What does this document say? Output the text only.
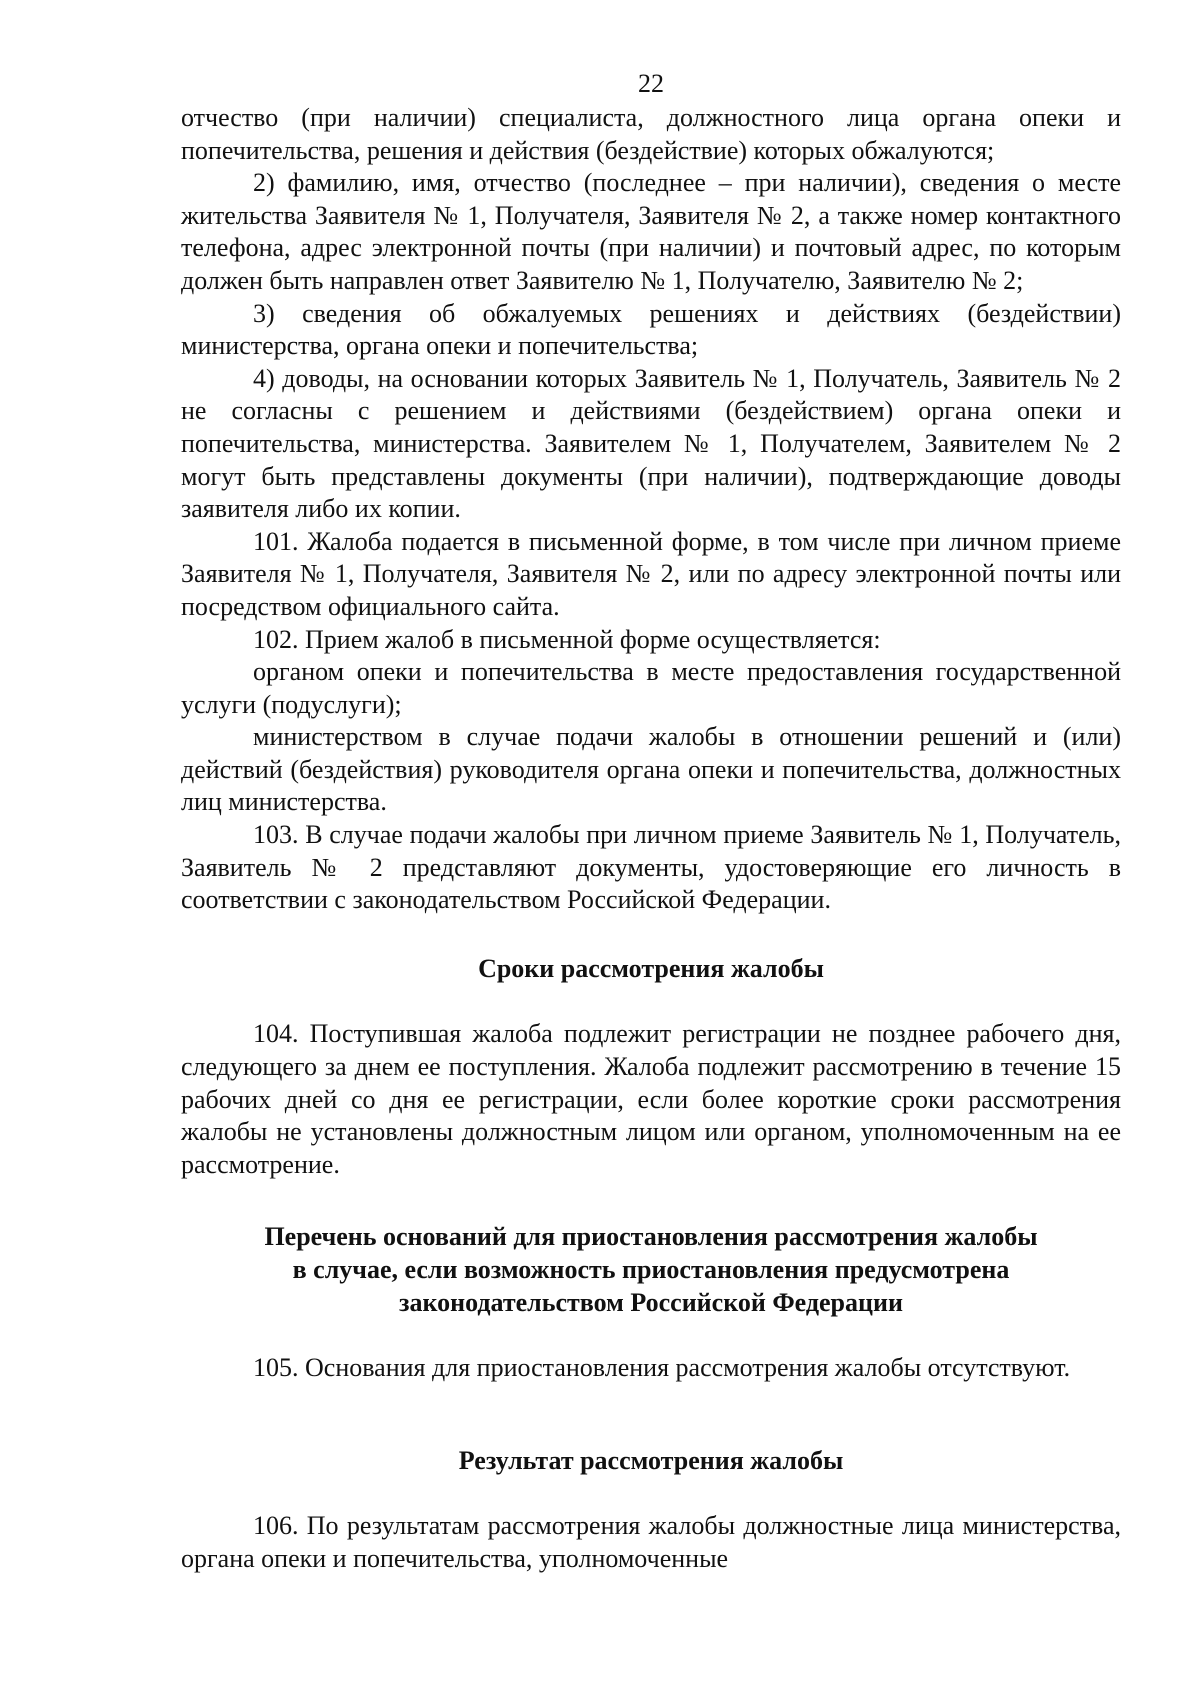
22

отчество (при наличии) специалиста, должностного лица органа опеки и попечительства, решения и действия (бездействие) которых обжалуются;

2) фамилию, имя, отчество (последнее – при наличии), сведения о месте жительства Заявителя № 1, Получателя, Заявителя № 2, а также номер контактного телефона, адрес электронной почты (при наличии) и почтовый адрес, по которым должен быть направлен ответ Заявителю № 1, Получателю, Заявителю № 2;

3) сведения об обжалуемых решениях и действиях (бездействии) министерства, органа опеки и попечительства;

4) доводы, на основании которых Заявитель № 1, Получатель, Заявитель № 2 не согласны с решением и действиями (бездействием) органа опеки и попечительства, министерства. Заявителем № 1, Получателем, Заявителем № 2 могут быть представлены документы (при наличии), подтверждающие доводы заявителя либо их копии.

101. Жалоба подается в письменной форме, в том числе при личном приеме Заявителя № 1, Получателя, Заявителя № 2, или по адресу электронной почты или посредством официального сайта.

102. Прием жалоб в письменной форме осуществляется:

органом опеки и попечительства в месте предоставления государственной услуги (подуслуги);

министерством в случае подачи жалобы в отношении решений и (или) действий (бездействия) руководителя органа опеки и попечительства, должностных лиц министерства.

103. В случае подачи жалобы при личном приеме Заявитель № 1, Получатель, Заявитель № 2 представляют документы, удостоверяющие его личность в соответствии с законодательством Российской Федерации.

Сроки рассмотрения жалобы

104. Поступившая жалоба подлежит регистрации не позднее рабочего дня, следующего за днем ее поступления. Жалоба подлежит рассмотрению в течение 15 рабочих дней со дня ее регистрации, если более короткие сроки рассмотрения жалобы не установлены должностным лицом или органом, уполномоченным на ее рассмотрение.

Перечень оснований для приостановления рассмотрения жалобы
в случае, если возможность приостановления предусмотрена
законодательством Российской Федерации

105. Основания для приостановления рассмотрения жалобы отсутствуют.

Результат рассмотрения жалобы

106. По результатам рассмотрения жалобы должностные лица министерства, органа опеки и попечительства, уполномоченные
